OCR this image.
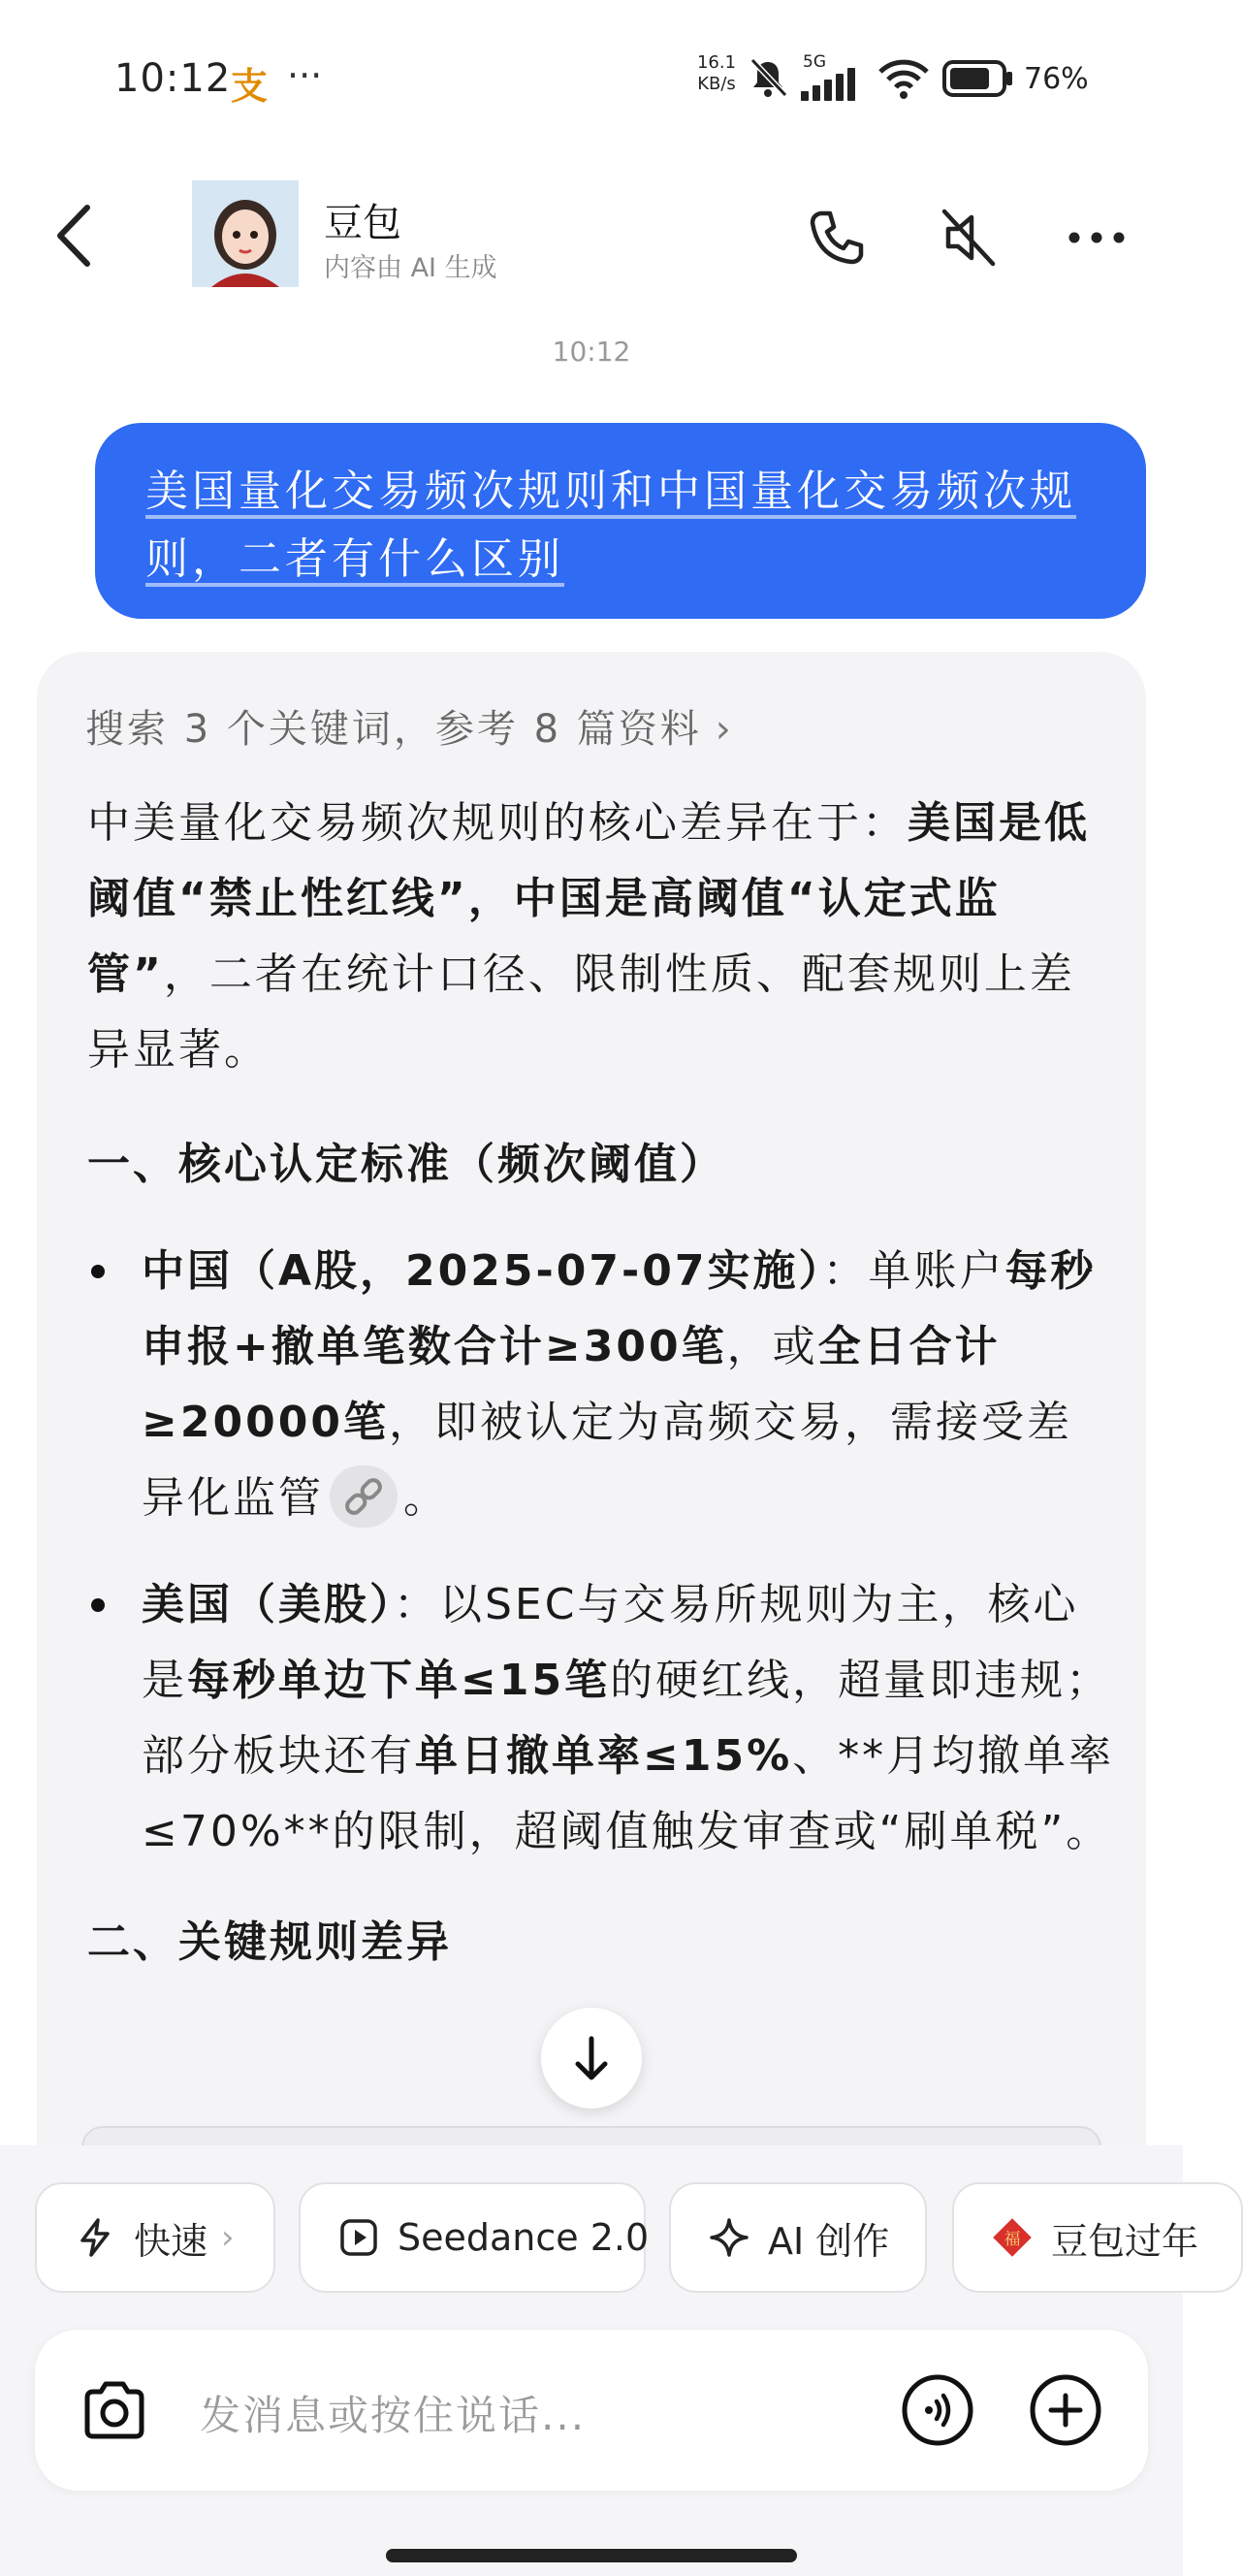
10:12 支 ···	16.1
KB/s
5G	76%
豆包
内容由 AI 生成
10:12
美国量化交易频次规则和中国量化交易频次规则，二者有什么区别
搜索 3 个关键词，参考 8 篇资料 ›

中美量化交易频次规则的核心差异在于：美国是低阈值“禁止性红线”，中国是高阈值“认定式监管”，二者在统计口径、限制性质、配套规则上差异显著。

一、核心认定标准（频次阈值）

中国（A股，2025-07-07实施）：单账户每秒申报+撤单笔数合计≥300笔，或全日合计≥20000笔，即被认定为高频交易，需接受差异化监管 。

美国（美股）：以SEC与交易所规则为主，核心是每秒单边下单≤15笔的硬红线，超量即违规；部分板块还有单日撤单率≤15%、**月均撤单率≤70%**的限制，超阈值触发审查或“刷单税”。

二、关键规则差异

快速 ›	Seedance 2.0	AI 创作	福 豆包过年
发消息或按住说话...
